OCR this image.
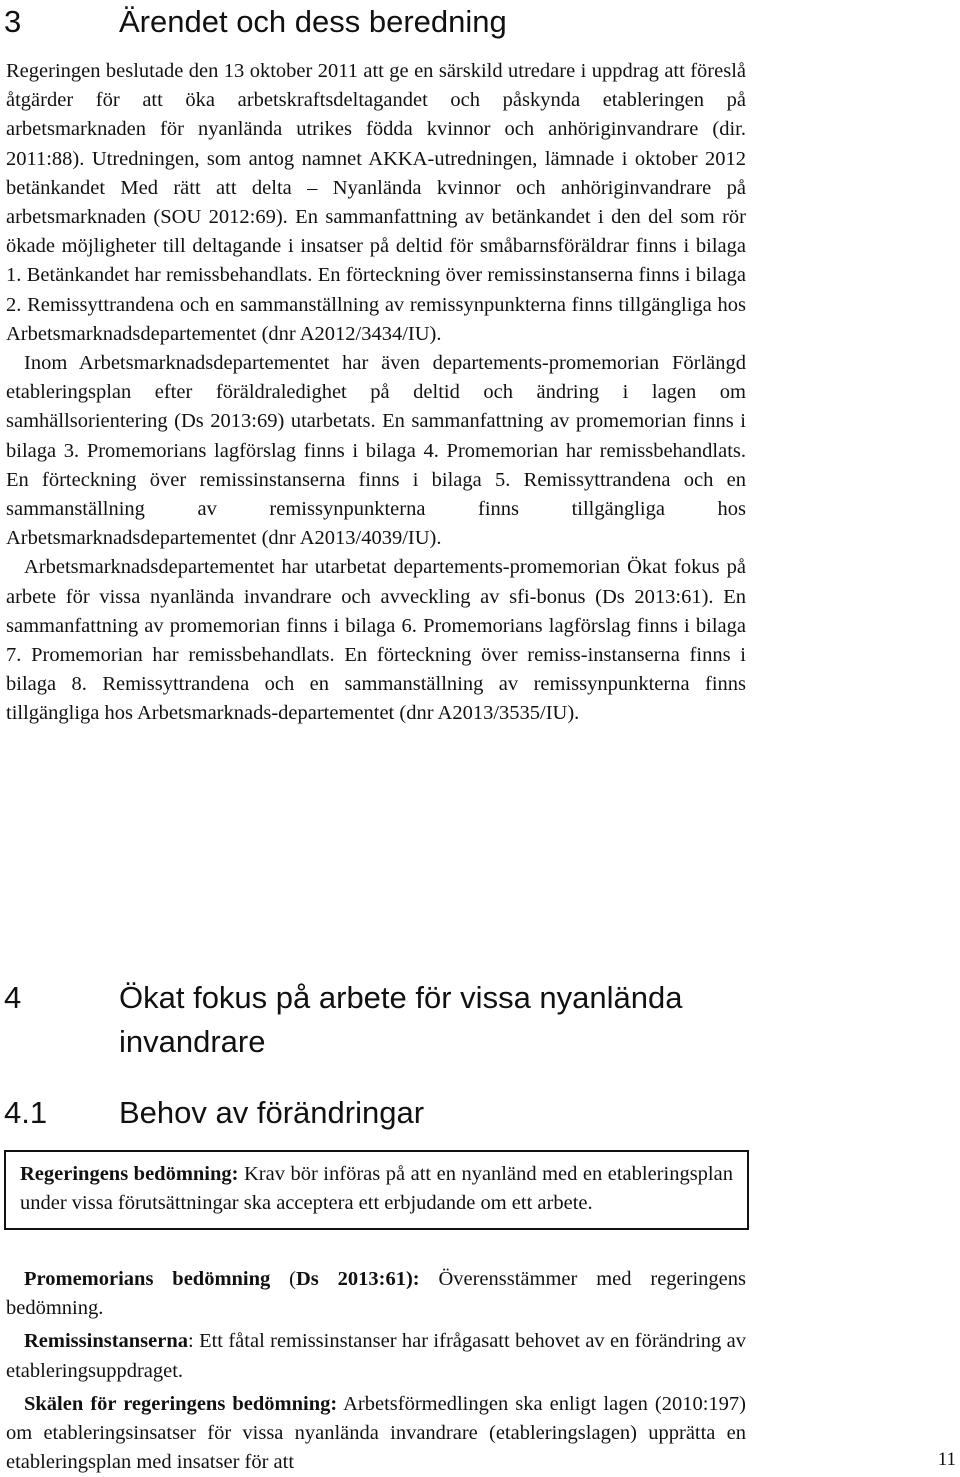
3	Ärendet och dess beredning

Regeringen beslutade den 13 oktober 2011 att ge en särskild utredare i uppdrag att föreslå åtgärder för att öka arbetskraftsdeltagandet och påskynda etableringen på arbetsmarknaden för nyanlända utrikes födda kvinnor och anhöriginvandrare (dir. 2011:88). Utredningen, som antog namnet AKKA-utredningen, lämnade i oktober 2012 betänkandet Med rätt att delta – Nyanlända kvinnor och anhöriginvandrare på arbetsmarknaden (SOU 2012:69). En sammanfattning av betänkandet i den del som rör ökade möjligheter till deltagande i insatser på deltid för småbarnsföräldrar finns i bilaga 1. Betänkandet har remissbehandlats. En förteckning över remissinstanserna finns i bilaga 2. Remissyttrandena och en sammanställning av remissynpunkterna finns tillgängliga hos Arbetsmarknadsdepartementet (dnr A2012/3434/IU).

Inom Arbetsmarknadsdepartementet har även departements-promemorian Förlängd etableringsplan efter föräldraledighet på deltid och ändring i lagen om samhällsorientering (Ds 2013:69) utarbetats. En sammanfattning av promemorian finns i bilaga 3. Promemorians lagförslag finns i bilaga 4. Promemorian har remissbehandlats. En förteckning över remissinstanserna finns i bilaga 5. Remissyttrandena och en sammanställning av remissynpunkterna finns tillgängliga hos Arbetsmarknadsdepartementet (dnr A2013/4039/IU).

Arbetsmarknadsdepartementet har utarbetat departements-promemorian Ökat fokus på arbete för vissa nyanlända invandrare och avveckling av sfi-bonus (Ds 2013:61). En sammanfattning av promemorian finns i bilaga 6. Promemorians lagförslag finns i bilaga 7. Promemorian har remissbehandlats. En förteckning över remiss-instanserna finns i bilaga 8. Remissyttrandena och en sammanställning av remissynpunkterna finns tillgängliga hos Arbetsmarknads-departementet (dnr A2013/3535/IU).

4	Ökat fokus på arbete för vissa nyanlända invandrare
4.1 Behov av förändringar

Regeringens bedömning: Krav bör införas på att en nyanländ med en etableringsplan under vissa förutsättningar ska acceptera ett erbjudande om ett arbete.

Promemorians bedömning (Ds 2013:61): Överensstämmer med regeringens bedömning.

Remissinstanserna: Ett fåtal remissinstanser har ifrågasatt behovet av en förändring av etableringsuppdraget.

Skälen för regeringens bedömning: Arbetsförmedlingen ska enligt lagen (2010:197) om etableringsinsatser för vissa nyanlända invandrare (etableringslagen) upprätta en etableringsplan med insatser för att	11
